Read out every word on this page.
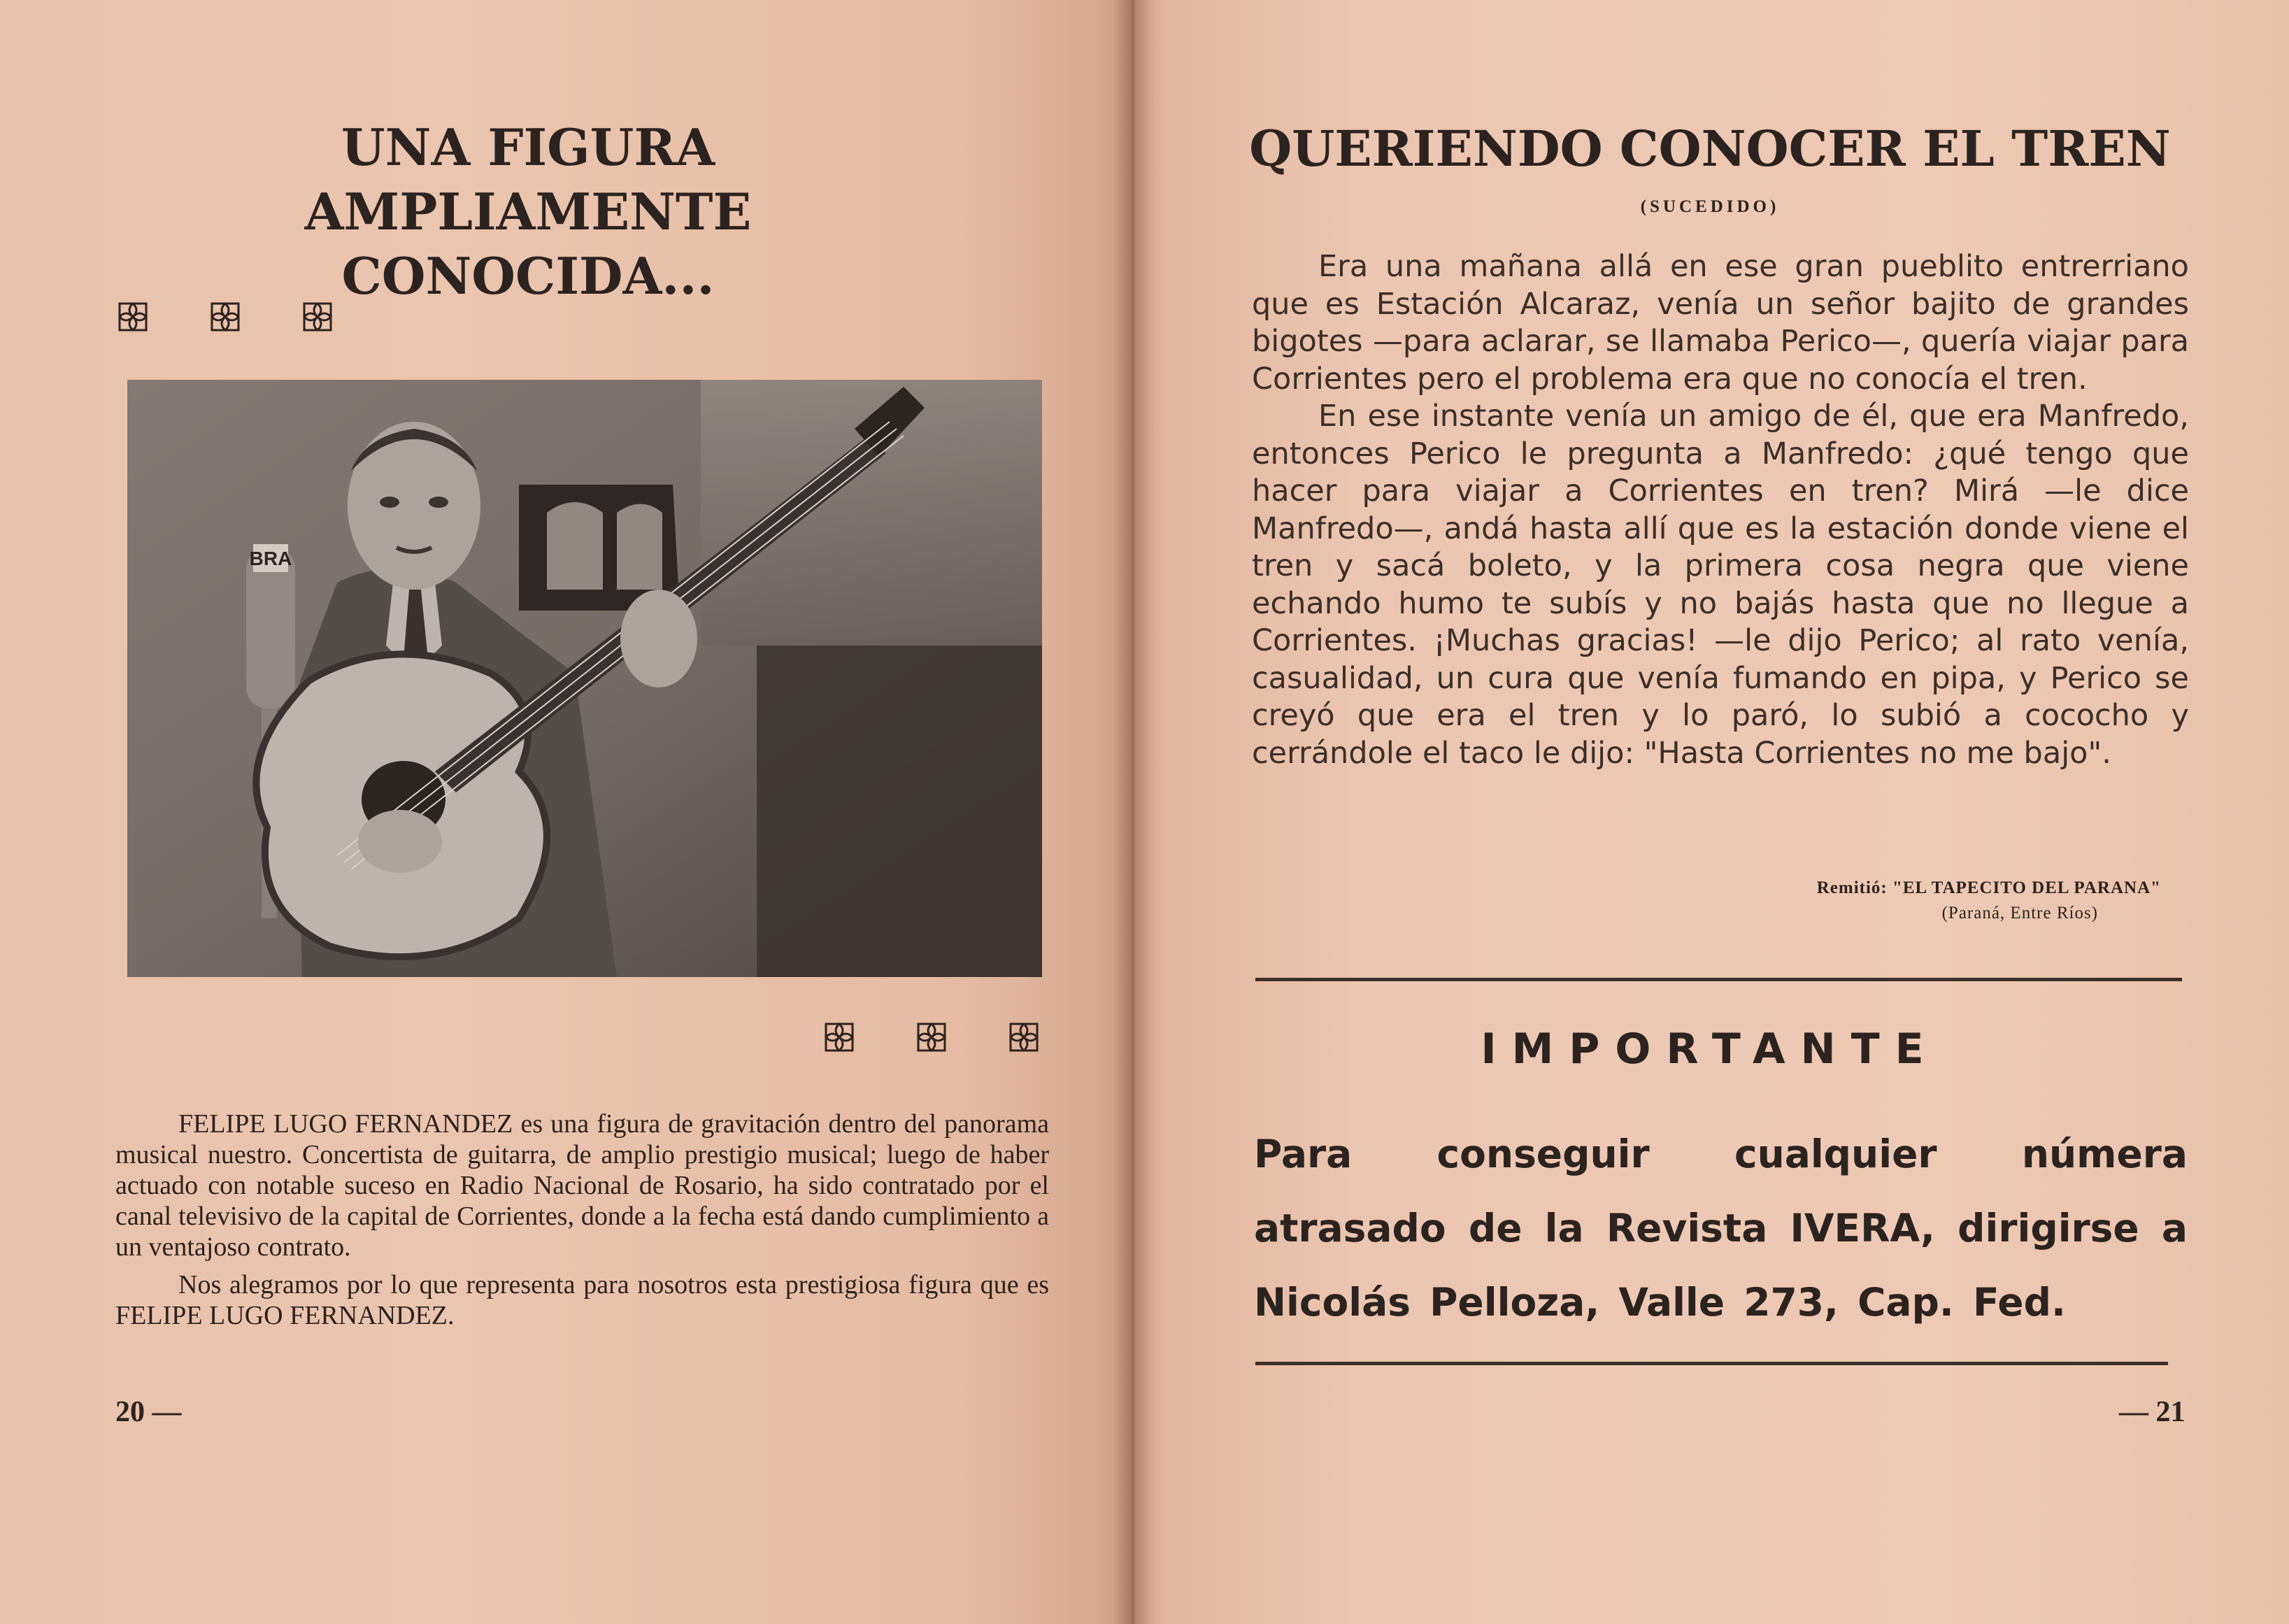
UNA FIGURA AMPLIAMENTE
CONOCIDA...
BRA

FELIPE LUGO FERNANDEZ es una figura de gravitación dentro del panorama musical nuestro. Concertista de guitarra, de amplio prestigio musical; luego de haber actuado con notable suceso en Radio Nacional de Rosario, ha sido contratado por el canal televisivo de la capital de Corrientes, donde a la fecha está dando cumplimiento a un ventajoso contrato.

Nos alegramos por lo que representa para nosotros esta prestigiosa figura que es FELIPE LUGO FERNANDEZ.

20 —
QUERIENDO CONOCER EL TREN
(SUCEDIDO)

Era una mañana allá en ese gran pueblito entrerriano que es Estación Alcaraz, venía un señor bajito de grandes bigotes —para aclarar, se llamaba Perico—, quería viajar para Corrientes pero el problema era que no conocía el tren.

En ese instante venía un amigo de él, que era Manfredo, entonces Perico le pregunta a Manfredo: ¿qué tengo que hacer para viajar a Corrientes en tren? Mirá —le dice Manfredo—, andá hasta allí que es la estación donde viene el tren y sacá boleto, y la primera cosa negra que viene echando humo te subís y no bajás hasta que no llegue a Corrientes. ¡Muchas gracias! —le dijo Perico; al rato venía, casualidad, un cura que venía fumando en pipa, y Perico se creyó que era el tren y lo paró, lo subió a cococho y cerrándole el taco le dijo: "Hasta Corrientes no me bajo".

Remitió: "EL TAPECITO DEL PARANA"
(Paraná, Entre Ríos)
IMPORTANTE
Para conseguir cualquier númera atrasado de la Revista IVERA, dirigirse a Nicolás Pelloza, Valle 273, Cap. Fed.
— 21
